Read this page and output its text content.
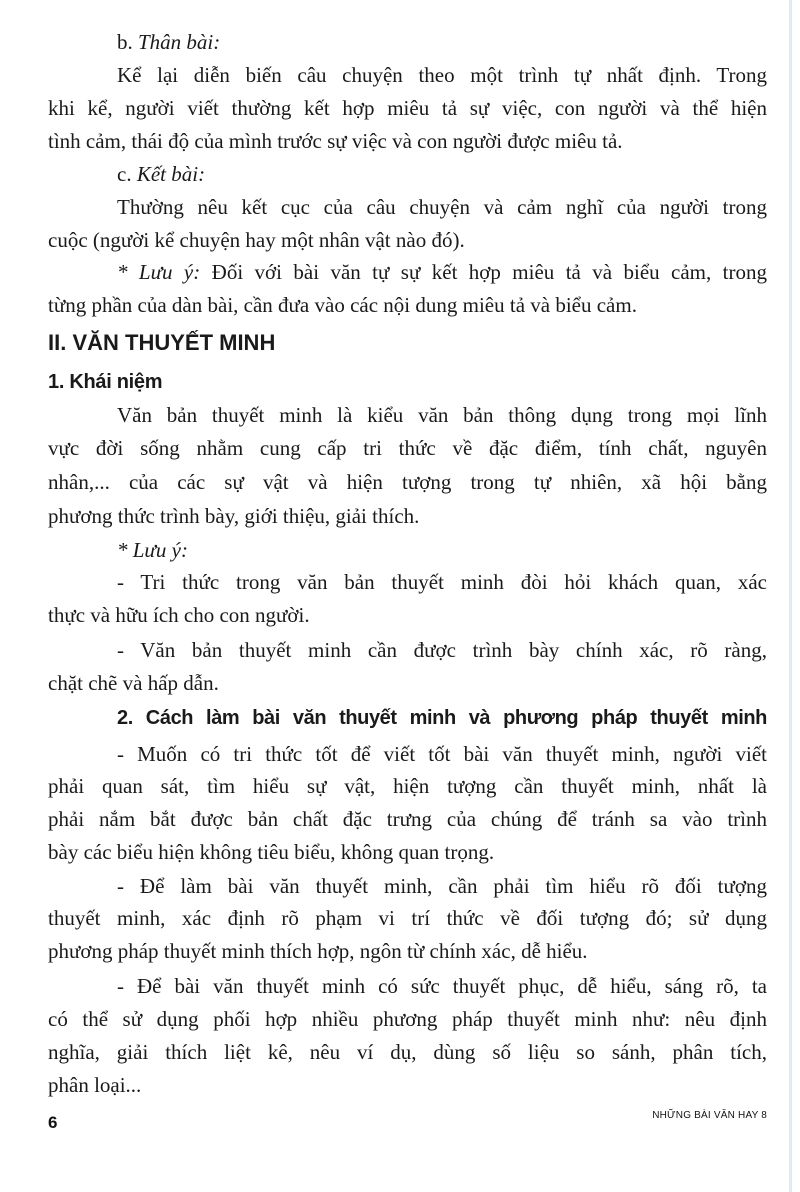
b. Thân bài:
Kể lại diễn biến câu chuyện theo một trình tự nhất định. Trong
khi kể, người viết thường kết hợp miêu tả sự việc, con người và thể hiện
tình cảm, thái độ của mình trước sự việc và con người được miêu tả.
c. Kết bài:
Thường nêu kết cục của câu chuyện và cảm nghĩ của người trong
cuộc (người kể chuyện hay một nhân vật nào đó).
* Lưu ý: Đối với bài văn tự sự kết hợp miêu tả và biểu cảm, trong
từng phần của dàn bài, cần đưa vào các nội dung miêu tả và biểu cảm.
II. VĂN THUYẾT MINH
1. Khái niệm
Văn bản thuyết minh là kiểu văn bản thông dụng trong mọi lĩnh
vực đời sống nhằm cung cấp tri thức về đặc điểm, tính chất, nguyên
nhân,... của các sự vật và hiện tượng trong tự nhiên, xã hội bằng
phương thức trình bày, giới thiệu, giải thích.
* Lưu ý:
- Tri thức trong văn bản thuyết minh đòi hỏi khách quan, xác
thực và hữu ích cho con người.
- Văn bản thuyết minh cần được trình bày chính xác, rõ ràng,
chặt chẽ và hấp dẫn.
2. Cách làm bài văn thuyết minh và phương pháp thuyết minh
- Muốn có tri thức tốt để viết tốt bài văn thuyết minh, người viết
phải quan sát, tìm hiểu sự vật, hiện tượng cần thuyết minh, nhất là
phải nắm bắt được bản chất đặc trưng của chúng để tránh sa vào trình
bày các biểu hiện không tiêu biểu, không quan trọng.
- Để làm bài văn thuyết minh, cần phải tìm hiểu rõ đối tượng
thuyết minh, xác định rõ phạm vi trí thức về đối tượng đó; sử dụng
phương pháp thuyết minh thích hợp, ngôn từ chính xác, dễ hiểu.
- Để bài văn thuyết minh có sức thuyết phục, dễ hiểu, sáng rõ, ta
có thể sử dụng phối hợp nhiều phương pháp thuyết minh như: nêu định
nghĩa, giải thích liệt kê, nêu ví dụ, dùng số liệu so sánh, phân tích,
phân loại...
6	NHỮNG BÀI VĂN HAY 8
